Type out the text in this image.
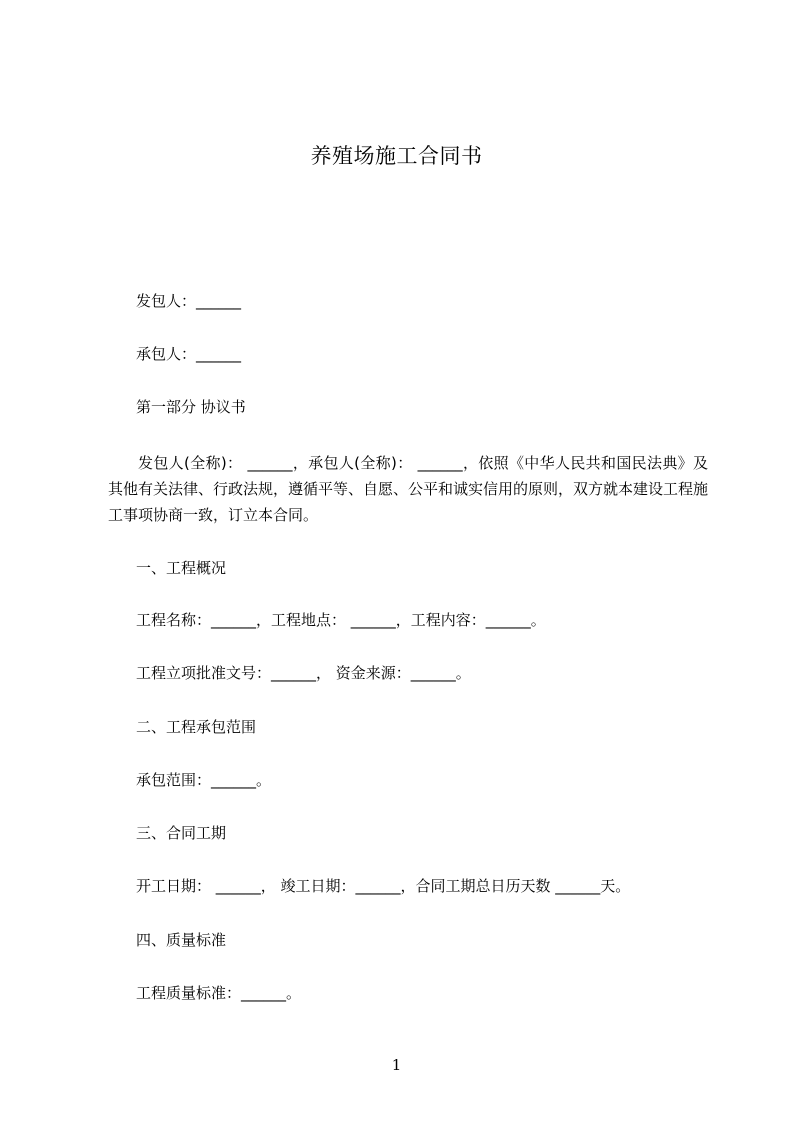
养殖场施工合同书
发包人：______
承包人：______
第一部分 协议书
发包人(全称)： ______，承包人(全称)： ______，依照《中华人民共和国民法典》及其他有关法律、行政法规，遵循平等、自愿、公平和诚实信用的原则，双方就本建设工程施工事项协商一致，订立本合同。
一、工程概况
工程名称：______，工程地点： ______，工程内容：______。
工程立项批准文号：______， 资金来源：______。
二、工程承包范围
承包范围：______。
三、合同工期
开工日期： ______， 竣工日期：______，合同工期总日历天数 ______天。
四、质量标准
工程质量标准：______。
1
